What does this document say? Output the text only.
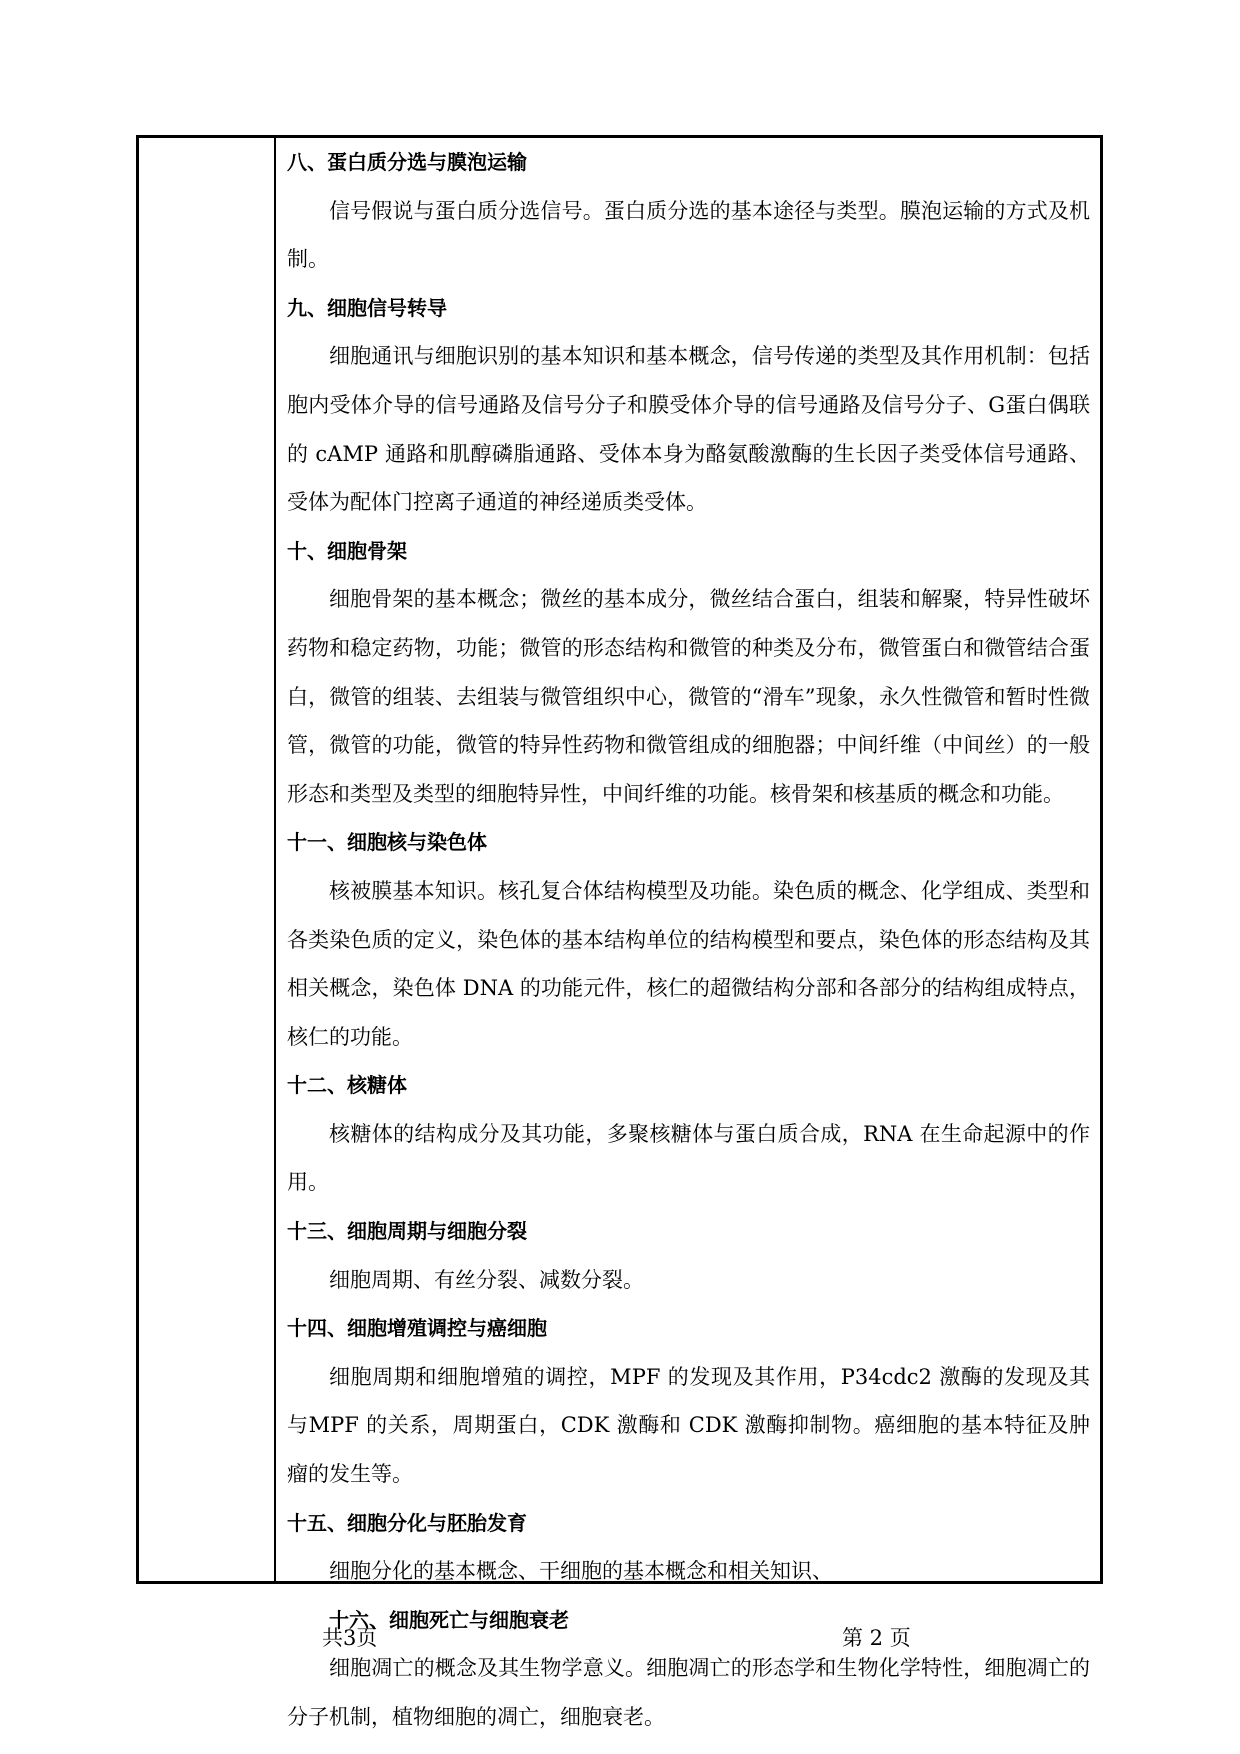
八、蛋白质分选与膜泡运输
信号假说与蛋白质分选信号。蛋白质分选的基本途径与类型。膜泡运输的方式及机制。
九、细胞信号转导
细胞通讯与细胞识别的基本知识和基本概念，信号传递的类型及其作用机制：包括胞内受体介导的信号通路及信号分子和膜受体介导的信号通路及信号分子、G蛋白偶联的 cAMP 通路和肌醇磷脂通路、受体本身为酪氨酸激酶的生长因子类受体信号通路、受体为配体门控离子通道的神经递质类受体。
十、细胞骨架
细胞骨架的基本概念；微丝的基本成分，微丝结合蛋白，组装和解聚，特异性破坏药物和稳定药物，功能；微管的形态结构和微管的种类及分布，微管蛋白和微管结合蛋白，微管的组装、去组装与微管组织中心，微管的“滑车”现象，永久性微管和暂时性微管，微管的功能，微管的特异性药物和微管组成的细胞器；中间纤维（中间丝）的一般形态和类型及类型的细胞特异性，中间纤维的功能。核骨架和核基质的概念和功能。
十一、细胞核与染色体
核被膜基本知识。核孔复合体结构模型及功能。染色质的概念、化学组成、类型和各类染色质的定义，染色体的基本结构单位的结构模型和要点，染色体的形态结构及其相关概念，染色体 DNA 的功能元件，核仁的超微结构分部和各部分的结构组成特点，核仁的功能。
十二、核糖体
核糖体的结构成分及其功能，多聚核糖体与蛋白质合成，RNA 在生命起源中的作用。
十三、细胞周期与细胞分裂
细胞周期、有丝分裂、减数分裂。
十四、细胞增殖调控与癌细胞
细胞周期和细胞增殖的调控，MPF 的发现及其作用，P34cdc2 激酶的发现及其与MPF 的关系，周期蛋白，CDK 激酶和 CDK 激酶抑制物。癌细胞的基本特征及肿瘤的发生等。
十五、细胞分化与胚胎发育
细胞分化的基本概念、干细胞的基本概念和相关知识、
十六、细胞死亡与细胞衰老
细胞凋亡的概念及其生物学意义。细胞凋亡的形态学和生物化学特性，细胞凋亡的分子机制，植物细胞的凋亡，细胞衰老。
共3页	第 2 页
